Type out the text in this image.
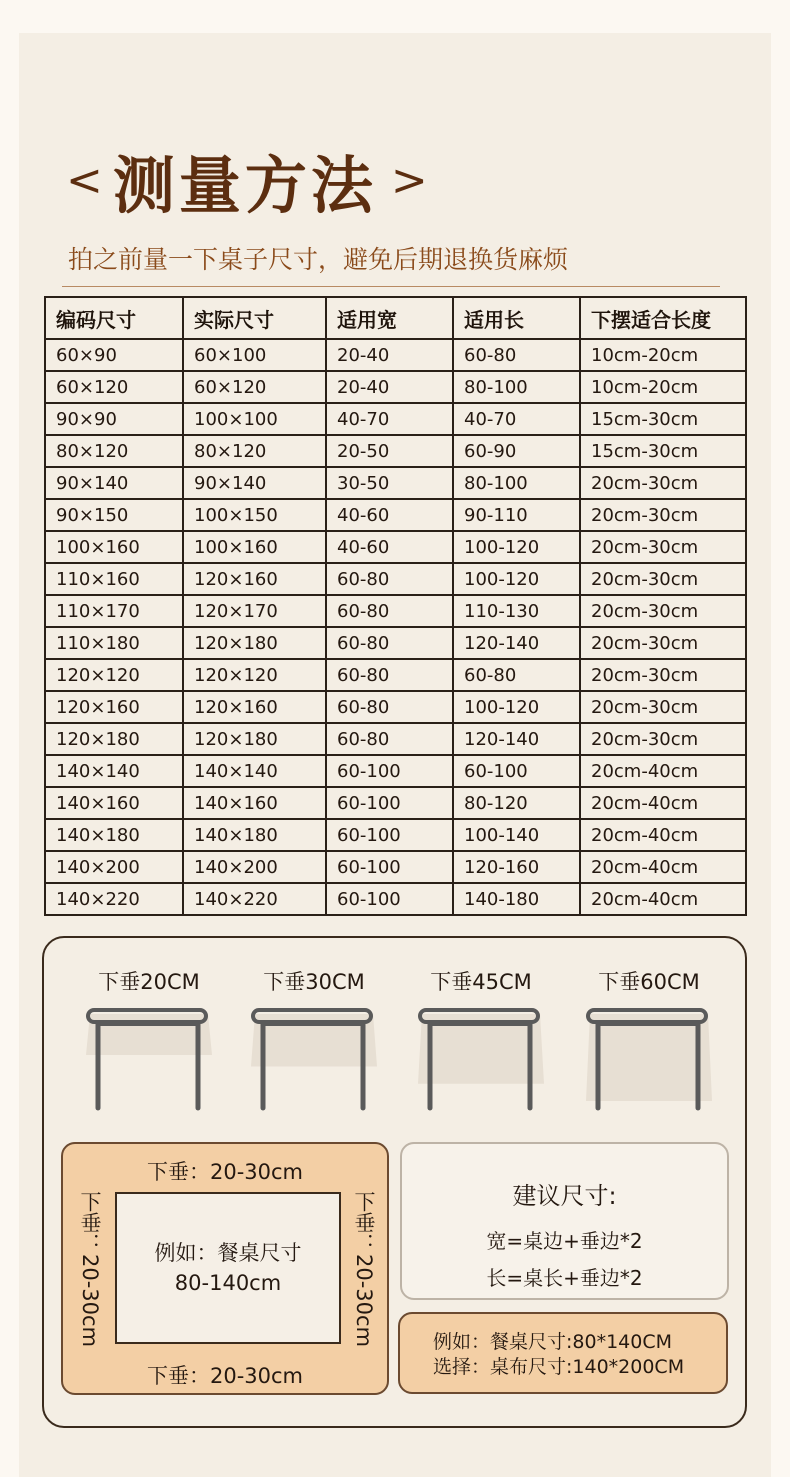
< 测量方法 >
拍之前量一下桌子尺寸，避免后期退换货麻烦
编码尺寸	实际尺寸	适用宽	适用长	下摆适合长度
60×90	60×100	20-40	60-80	10cm-20cm
60×120	60×120	20-40	80-100	10cm-20cm
90×90	100×100	40-70	40-70	15cm-30cm
80×120	80×120	20-50	60-90	15cm-30cm
90×140	90×140	30-50	80-100	20cm-30cm
90×150	100×150	40-60	90-110	20cm-30cm
100×160	100×160	40-60	100-120	20cm-30cm
110×160	120×160	60-80	100-120	20cm-30cm
110×170	120×170	60-80	110-130	20cm-30cm
110×180	120×180	60-80	120-140	20cm-30cm
120×120	120×120	60-80	60-80	20cm-30cm
120×160	120×160	60-80	100-120	20cm-30cm
120×180	120×180	60-80	120-140	20cm-30cm
140×140	140×140	60-100	60-100	20cm-40cm
140×160	140×160	60-100	80-120	20cm-40cm
140×180	140×180	60-100	100-140	20cm-40cm
140×200	140×200	60-100	120-160	20cm-40cm
140×220	140×220	60-100	140-180	20cm-40cm
下垂20CM	下垂30CM	下垂45CM	下垂60CM
下垂：20-30cm
下垂：20-30cm	例如：餐桌尺寸
80-140cm	下垂：20-30cm
下垂：20-30cm
建议尺寸:
宽=桌边+垂边*2
长=桌长+垂边*2
例如：餐桌尺寸:80*140CM
选择：桌布尺寸:140*200CM
